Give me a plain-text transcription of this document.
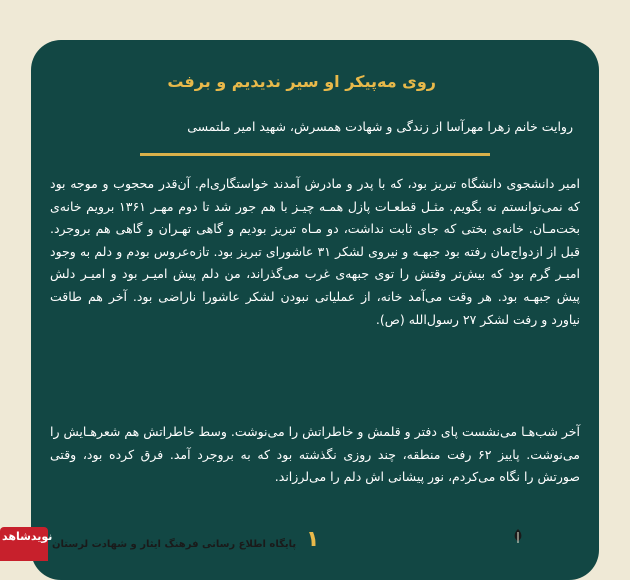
روی مه‌پیکر او سیر ندیدیم و برفت

روایت خانم زهرا مهرآسا از زندگی و شهادت همسرش، شهید امیر ملتمسی

امیر دانشجوی دانشگاه تبریز بود، که با پدر و مادرش آمدند خواستگاری‌ام. آن‌قدر محجوب و موجه بود که نمی‌توانستم نه بگویم. مثـل قطعـات پازل همـه چیـز با هم جور شد تا دوم مهـر ۱۳۶۱ برویم خانه‌ی بخت‌مـان. خانه‌ی بختی که جای ثابت نداشت، دو مـاه تبریز بودیم و گاهی تهـران و گاهی هم بروجرد. قبل از ازدواج‌مان رفته بود جبهـه و نیروی لشکر ۳۱ عاشورای تبریز بود. تازه‌عروس بودم و دلم به وجود امیـر گرم بود که بیش‌تر وقتش را توی جبهه‌ی غرب می‌گذراند، من دلم پیش امیـر بود و امیـر دلش پیش جبهـه بود. هر وقت می‌آمد خانه، از عملیاتی نبودن لشکر عاشورا ناراضی بود. آخر هم طاقت نیاورد و رفت لشکر ۲۷ رسول‌الله (ص).

آخر شب‌هـا می‌نشست پای دفتر و قلمش و خاطراتش را می‌نوشت. وسط خاطراتش هم شعرهـایش را می‌نوشت. پاییز ۶۲ رفت منطقه، چند روزی نگذشته بود که به بروجرد آمد. فرق کرده بود، وقتی صورتش را نگاه می‌کردم، نور پیشانی اش دلم را می‌لرزاند.

۱
نویدشاهد
پایگاه اطلاع رسانی فرهنگ ایثار و شهادت لرستان
